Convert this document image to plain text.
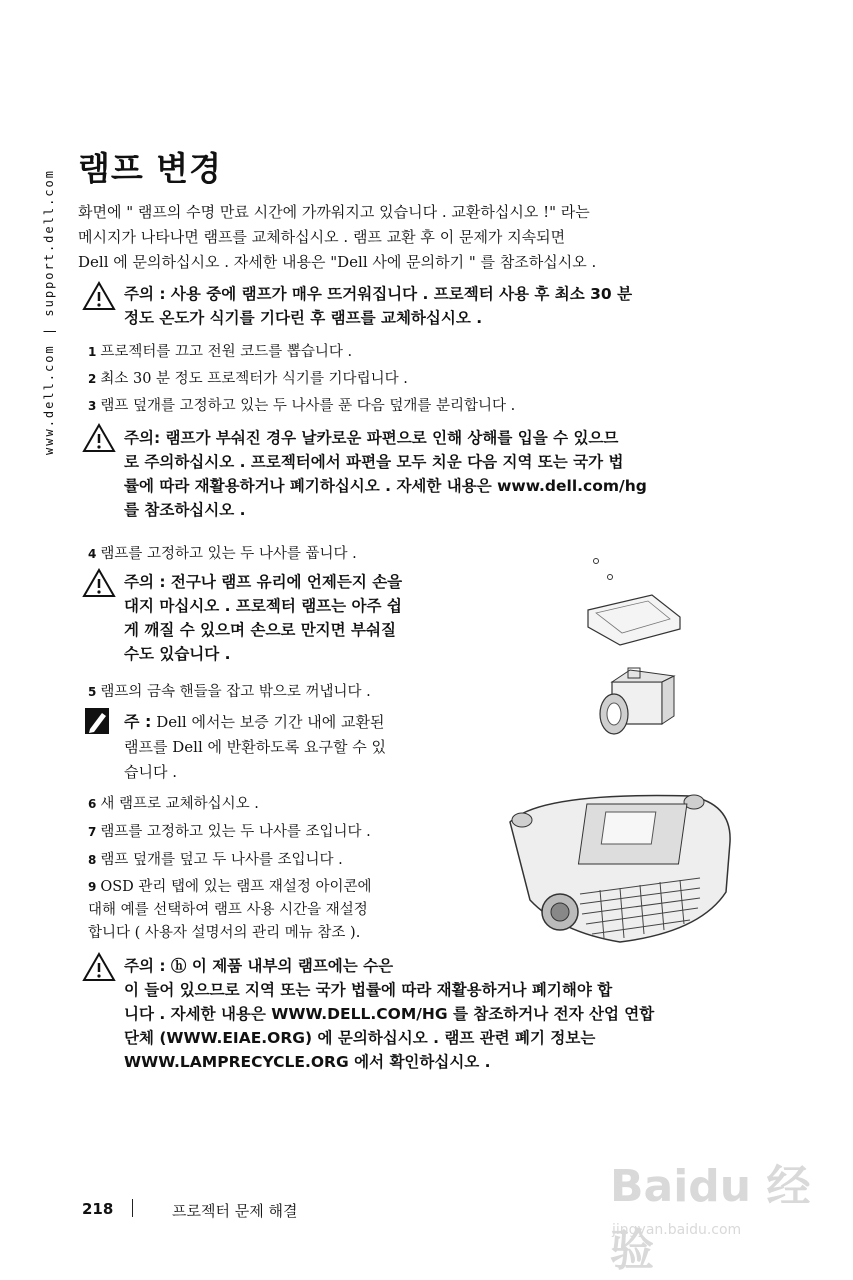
www.dell.com | support.dell.com
램프 변경
화면에 " 램프의 수명 만료 시간에 가까워지고 있습니다 . 교환하십시오 !" 라는
메시지가 나타나면 램프를 교체하십시오 . 램프 교환 후 이 문제가 지속되면
Dell 에 문의하십시오 . 자세한 내용은 "Dell 사에 문의하기 " 를 참조하십시오 .
주의 : 사용 중에 램프가 매우 뜨거워집니다 . 프로젝터 사용 후 최소 30 분
정도 온도가 식기를 기다린 후 램프를 교체하십시오 .
1 프로젝터를 끄고 전원 코드를 뽑습니다 .
2 최소 30 분 정도 프로젝터가 식기를 기다립니다 .
3 램프 덮개를 고정하고 있는 두 나사를 푼 다음 덮개를 분리합니다 .
주의: 램프가 부숴진 경우 날카로운 파편으로 인해 상해를 입을 수 있으므
로 주의하십시오 . 프로젝터에서 파편을 모두 치운 다음 지역 또는 국가 법
률에 따라 재활용하거나 폐기하십시오 . 자세한 내용은 www.dell.com/hg
를 참조하십시오 .
4 램프를 고정하고 있는 두 나사를 풉니다 .
주의 : 전구나 램프 유리에 언제든지 손을
대지 마십시오 . 프로젝터 램프는 아주 쉽
게 깨질 수 있으며 손으로 만지면 부숴질
수도 있습니다 .
5 램프의 금속 핸들을 잡고 밖으로 꺼냅니다 .
주 : Dell 에서는 보증 기간 내에 교환된
램프를 Dell 에 반환하도록 요구할 수 있
습니다 .
6 새 램프로 교체하십시오 .
7 램프를 고정하고 있는 두 나사를 조입니다 .
8 램프 덮개를 덮고 두 나사를 조입니다 .
9 OSD 관리 탭에 있는 램프 재설정 아이콘에
대해 예를 선택하여 램프 사용 시간을 재설정
합니다 ( 사용자 설명서의 관리 메뉴 참조 ).
주의 : ⓗ 이 제품 내부의 램프에는 수은
이 들어 있으므로 지역 또는 국가 법률에 따라 재활용하거나 폐기해야 합
니다 . 자세한 내용은 WWW.DELL.COM/HG 를 참조하거나 전자 산업 연합
단체 (WWW.EIAE.ORG) 에 문의하십시오 . 램프 관련 폐기 정보는
WWW.LAMPRECYCLE.ORG 에서 확인하십시오 .
218	프로젝터 문제 해결	Baidu 经验
jingyan.baidu.com
